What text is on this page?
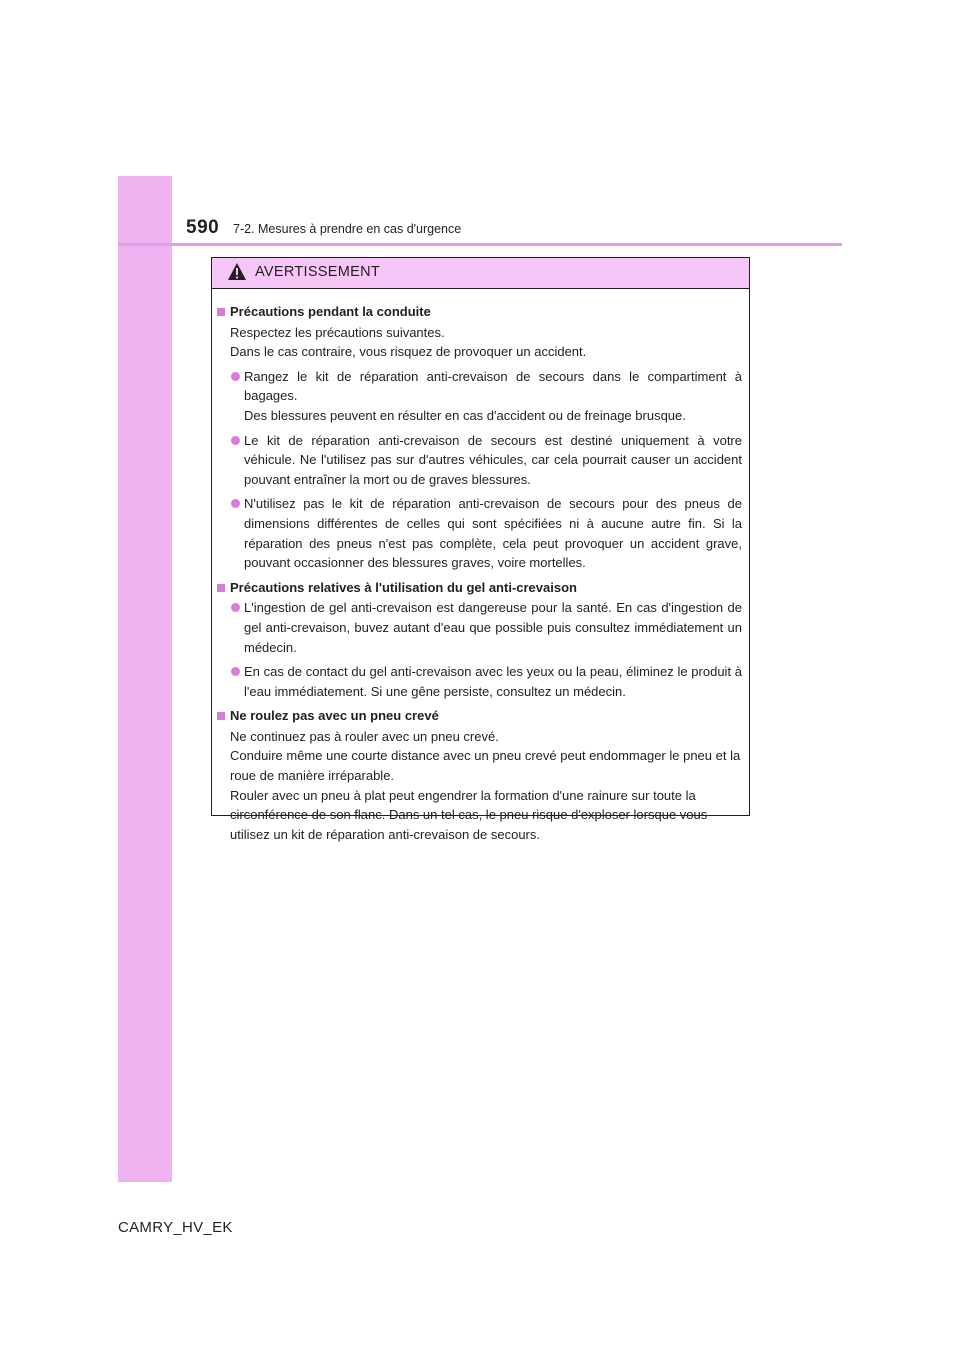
590 7-2. Mesures à prendre en cas d'urgence
AVERTISSEMENT
Précautions pendant la conduite
Respectez les précautions suivantes.
Dans le cas contraire, vous risquez de provoquer un accident.
Rangez le kit de réparation anti-crevaison de secours dans le compartiment à bagages.
Des blessures peuvent en résulter en cas d'accident ou de freinage brusque.
Le kit de réparation anti-crevaison de secours est destiné uniquement à votre véhicule. Ne l'utilisez pas sur d'autres véhicules, car cela pourrait causer un accident pouvant entraîner la mort ou de graves blessures.
N'utilisez pas le kit de réparation anti-crevaison de secours pour des pneus de dimensions différentes de celles qui sont spécifiées ni à aucune autre fin. Si la réparation des pneus n'est pas complète, cela peut provoquer un accident grave, pouvant occasionner des blessures graves, voire mortelles.
Précautions relatives à l'utilisation du gel anti-crevaison
L'ingestion de gel anti-crevaison est dangereuse pour la santé. En cas d'ingestion de gel anti-crevaison, buvez autant d'eau que possible puis consultez immédiatement un médecin.
En cas de contact du gel anti-crevaison avec les yeux ou la peau, éliminez le produit à l'eau immédiatement. Si une gêne persiste, consultez un médecin.
Ne roulez pas avec un pneu crevé
Ne continuez pas à rouler avec un pneu crevé.
Conduire même une courte distance avec un pneu crevé peut endommager le pneu et la roue de manière irréparable.
Rouler avec un pneu à plat peut engendrer la formation d'une rainure sur toute la circonférence de son flanc. Dans un tel cas, le pneu risque d'exploser lorsque vous utilisez un kit de réparation anti-crevaison de secours.
CAMRY_HV_EK
